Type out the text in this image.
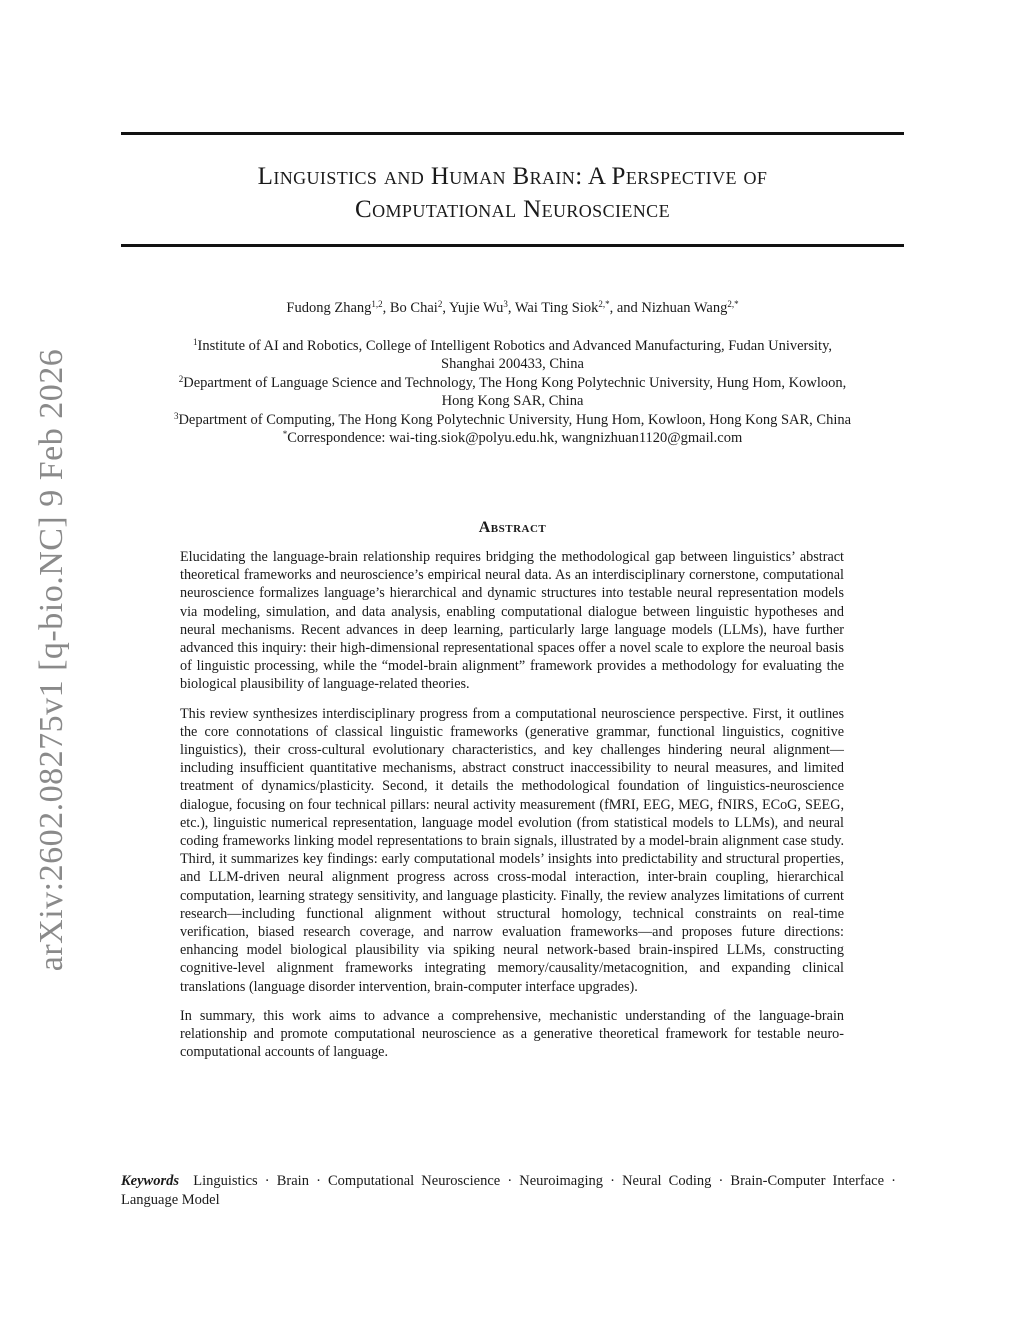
arXiv:2602.08275v1 [q-bio.NC] 9 Feb 2026
Linguistics and Human Brain: A Perspective of
Computational Neuroscience
Fudong Zhang$^{1,2}$, Bo Chai$^2$, Yujie Wu$^3$, Wai Ting Siok$^{2,*}$, and Nizhuan Wang$^{2,*}$

$^1$Institute of AI and Robotics, College of Intelligent Robotics and Advanced Manufacturing, Fudan University,
Shanghai 200433, China

$^2$Department of Language Science and Technology, The Hong Kong Polytechnic University, Hung Hom, Kowloon,
Hong Kong SAR, China

$^3$Department of Computing, The Hong Kong Polytechnic University, Hung Hom, Kowloon, Hong Kong SAR, China

*Correspondence: wai-ting.siok@polyu.edu.hk, wangnizhuan1120@gmail.com

Abstract

Elucidating the language-brain relationship requires bridging the methodological gap between linguistics’ abstract theoretical frameworks and neuroscience’s empirical neural data. As an interdisciplinary cornerstone, computational neuroscience formalizes language’s hierarchical and dynamic structures into testable neural representation models via modeling, simulation, and data analysis, enabling computational dialogue between linguistic hypotheses and neural mechanisms. Recent advances in deep learning, particularly large language models (LLMs), have further advanced this inquiry: their high-dimensional representational spaces offer a novel scale to explore the neuroal basis of linguistic processing, while the “model-brain alignment” framework provides a methodology for evaluating the biological plausibility of language-related theories.

This review synthesizes interdisciplinary progress from a computational neuroscience perspective. First, it outlines the core connotations of classical linguistic frameworks (generative grammar, functional linguistics, cognitive linguistics), their cross-cultural evolutionary characteristics, and key challenges hindering neural alignment—including insufficient quantitative mechanisms, abstract construct inaccessibility to neural measures, and limited treatment of dynamics/plasticity. Second, it details the methodological foundation of linguistics-neuroscience dialogue, focusing on four technical pillars: neural activity measurement (fMRI, EEG, MEG, fNIRS, ECoG, SEEG, etc.), linguistic numerical representation, language model evolution (from statistical models to LLMs), and neural coding frameworks linking model representations to brain signals, illustrated by a model-brain alignment case study. Third, it summarizes key findings: early computational models’ insights into predictability and structural properties, and LLM-driven neural alignment progress across cross-modal interaction, inter-brain coupling, hierarchical computation, learning strategy sensitivity, and language plasticity. Finally, the review analyzes limitations of current research—including functional alignment without structural homology, technical constraints on real-time verification, biased research coverage, and narrow evaluation frameworks—and proposes future directions: enhancing model biological plausibility via spiking neural network-based brain-inspired LLMs, constructing cognitive-level alignment frameworks integrating memory/causality/metacognition, and expanding clinical translations (language disorder intervention, brain-computer interface upgrades).

In summary, this work aims to advance a comprehensive, mechanistic understanding of the language-brain relationship and promote computational neuroscience as a generative theoretical framework for testable neuro-computational accounts of language.

Keywords Linguistics · Brain · Computational Neuroscience · Neuroimaging · Neural Coding · Brain-Computer Interface · Language Model
